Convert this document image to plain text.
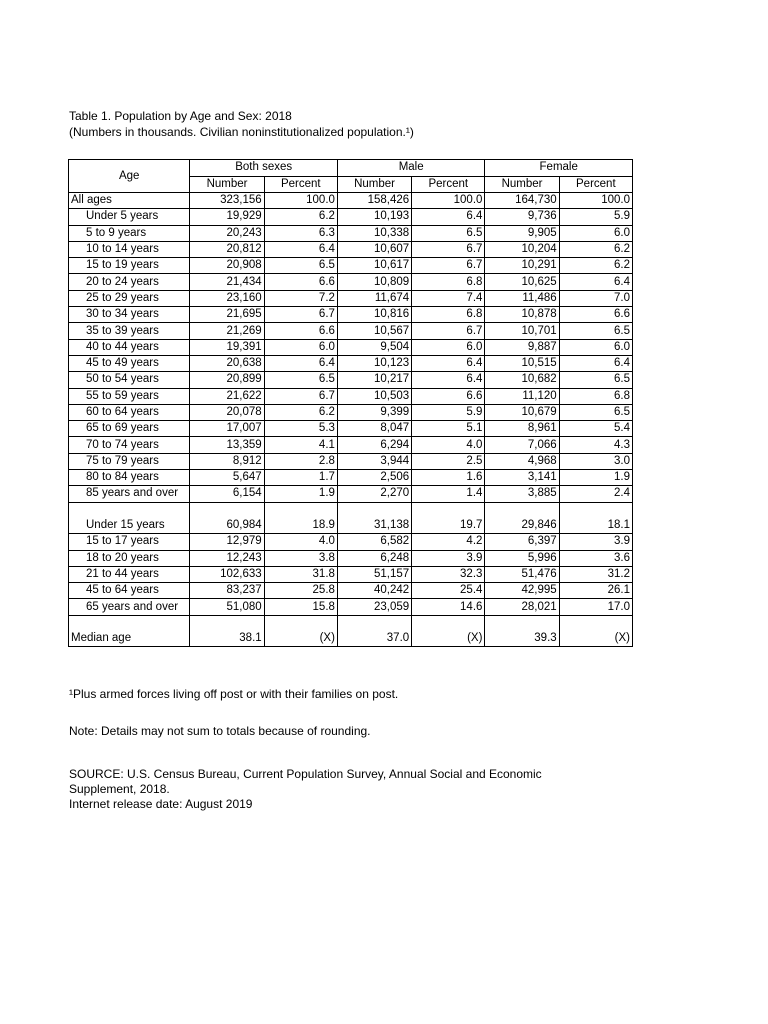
Table 1. Population by Age and Sex: 2018
(Numbers in thousands. Civilian noninstitutionalized population.¹)
Age	Both sexes		Male		Female	
	Number	Percent	Number	Percent	Number	Percent
All ages	323,156	100.0	158,426	100.0	164,730	100.0
Under 5 years	19,929	6.2	10,193	6.4	9,736	5.9
5 to 9 years	20,243	6.3	10,338	6.5	9,905	6.0
10 to 14 years	20,812	6.4	10,607	6.7	10,204	6.2
15 to 19 years	20,908	6.5	10,617	6.7	10,291	6.2
20 to 24 years	21,434	6.6	10,809	6.8	10,625	6.4
25 to 29 years	23,160	7.2	11,674	7.4	11,486	7.0
30 to 34 years	21,695	6.7	10,816	6.8	10,878	6.6
35 to 39 years	21,269	6.6	10,567	6.7	10,701	6.5
40 to 44 years	19,391	6.0	9,504	6.0	9,887	6.0
45 to 49 years	20,638	6.4	10,123	6.4	10,515	6.4
50 to 54 years	20,899	6.5	10,217	6.4	10,682	6.5
55 to 59 years	21,622	6.7	10,503	6.6	11,120	6.8
60 to 64 years	20,078	6.2	9,399	5.9	10,679	6.5
65 to 69 years	17,007	5.3	8,047	5.1	8,961	5.4
70 to 74 years	13,359	4.1	6,294	4.0	7,066	4.3
75 to 79 years	8,912	2.8	3,944	2.5	4,968	3.0
80 to 84 years	5,647	1.7	2,506	1.6	3,141	1.9
85 years and over	6,154	1.9	2,270	1.4	3,885	2.4

Under 15 years	60,984	18.9	31,138	19.7	29,846	18.1
15 to 17 years	12,979	4.0	6,582	4.2	6,397	3.9
18 to 20 years	12,243	3.8	6,248	3.9	5,996	3.6
21 to 44 years	102,633	31.8	51,157	32.3	51,476	31.2
45 to 64 years	83,237	25.8	40,242	25.4	42,995	26.1
65 years and over	51,080	15.8	23,059	14.6	28,021	17.0

Median age	38.1	(X)	37.0	(X)	39.3	(X)
¹Plus armed forces living off post or with their families on post.
Note: Details may not sum to totals because of rounding.
SOURCE: U.S. Census Bureau, Current Population Survey, Annual Social and Economic Supplement, 2018.
Internet release date: August 2019
